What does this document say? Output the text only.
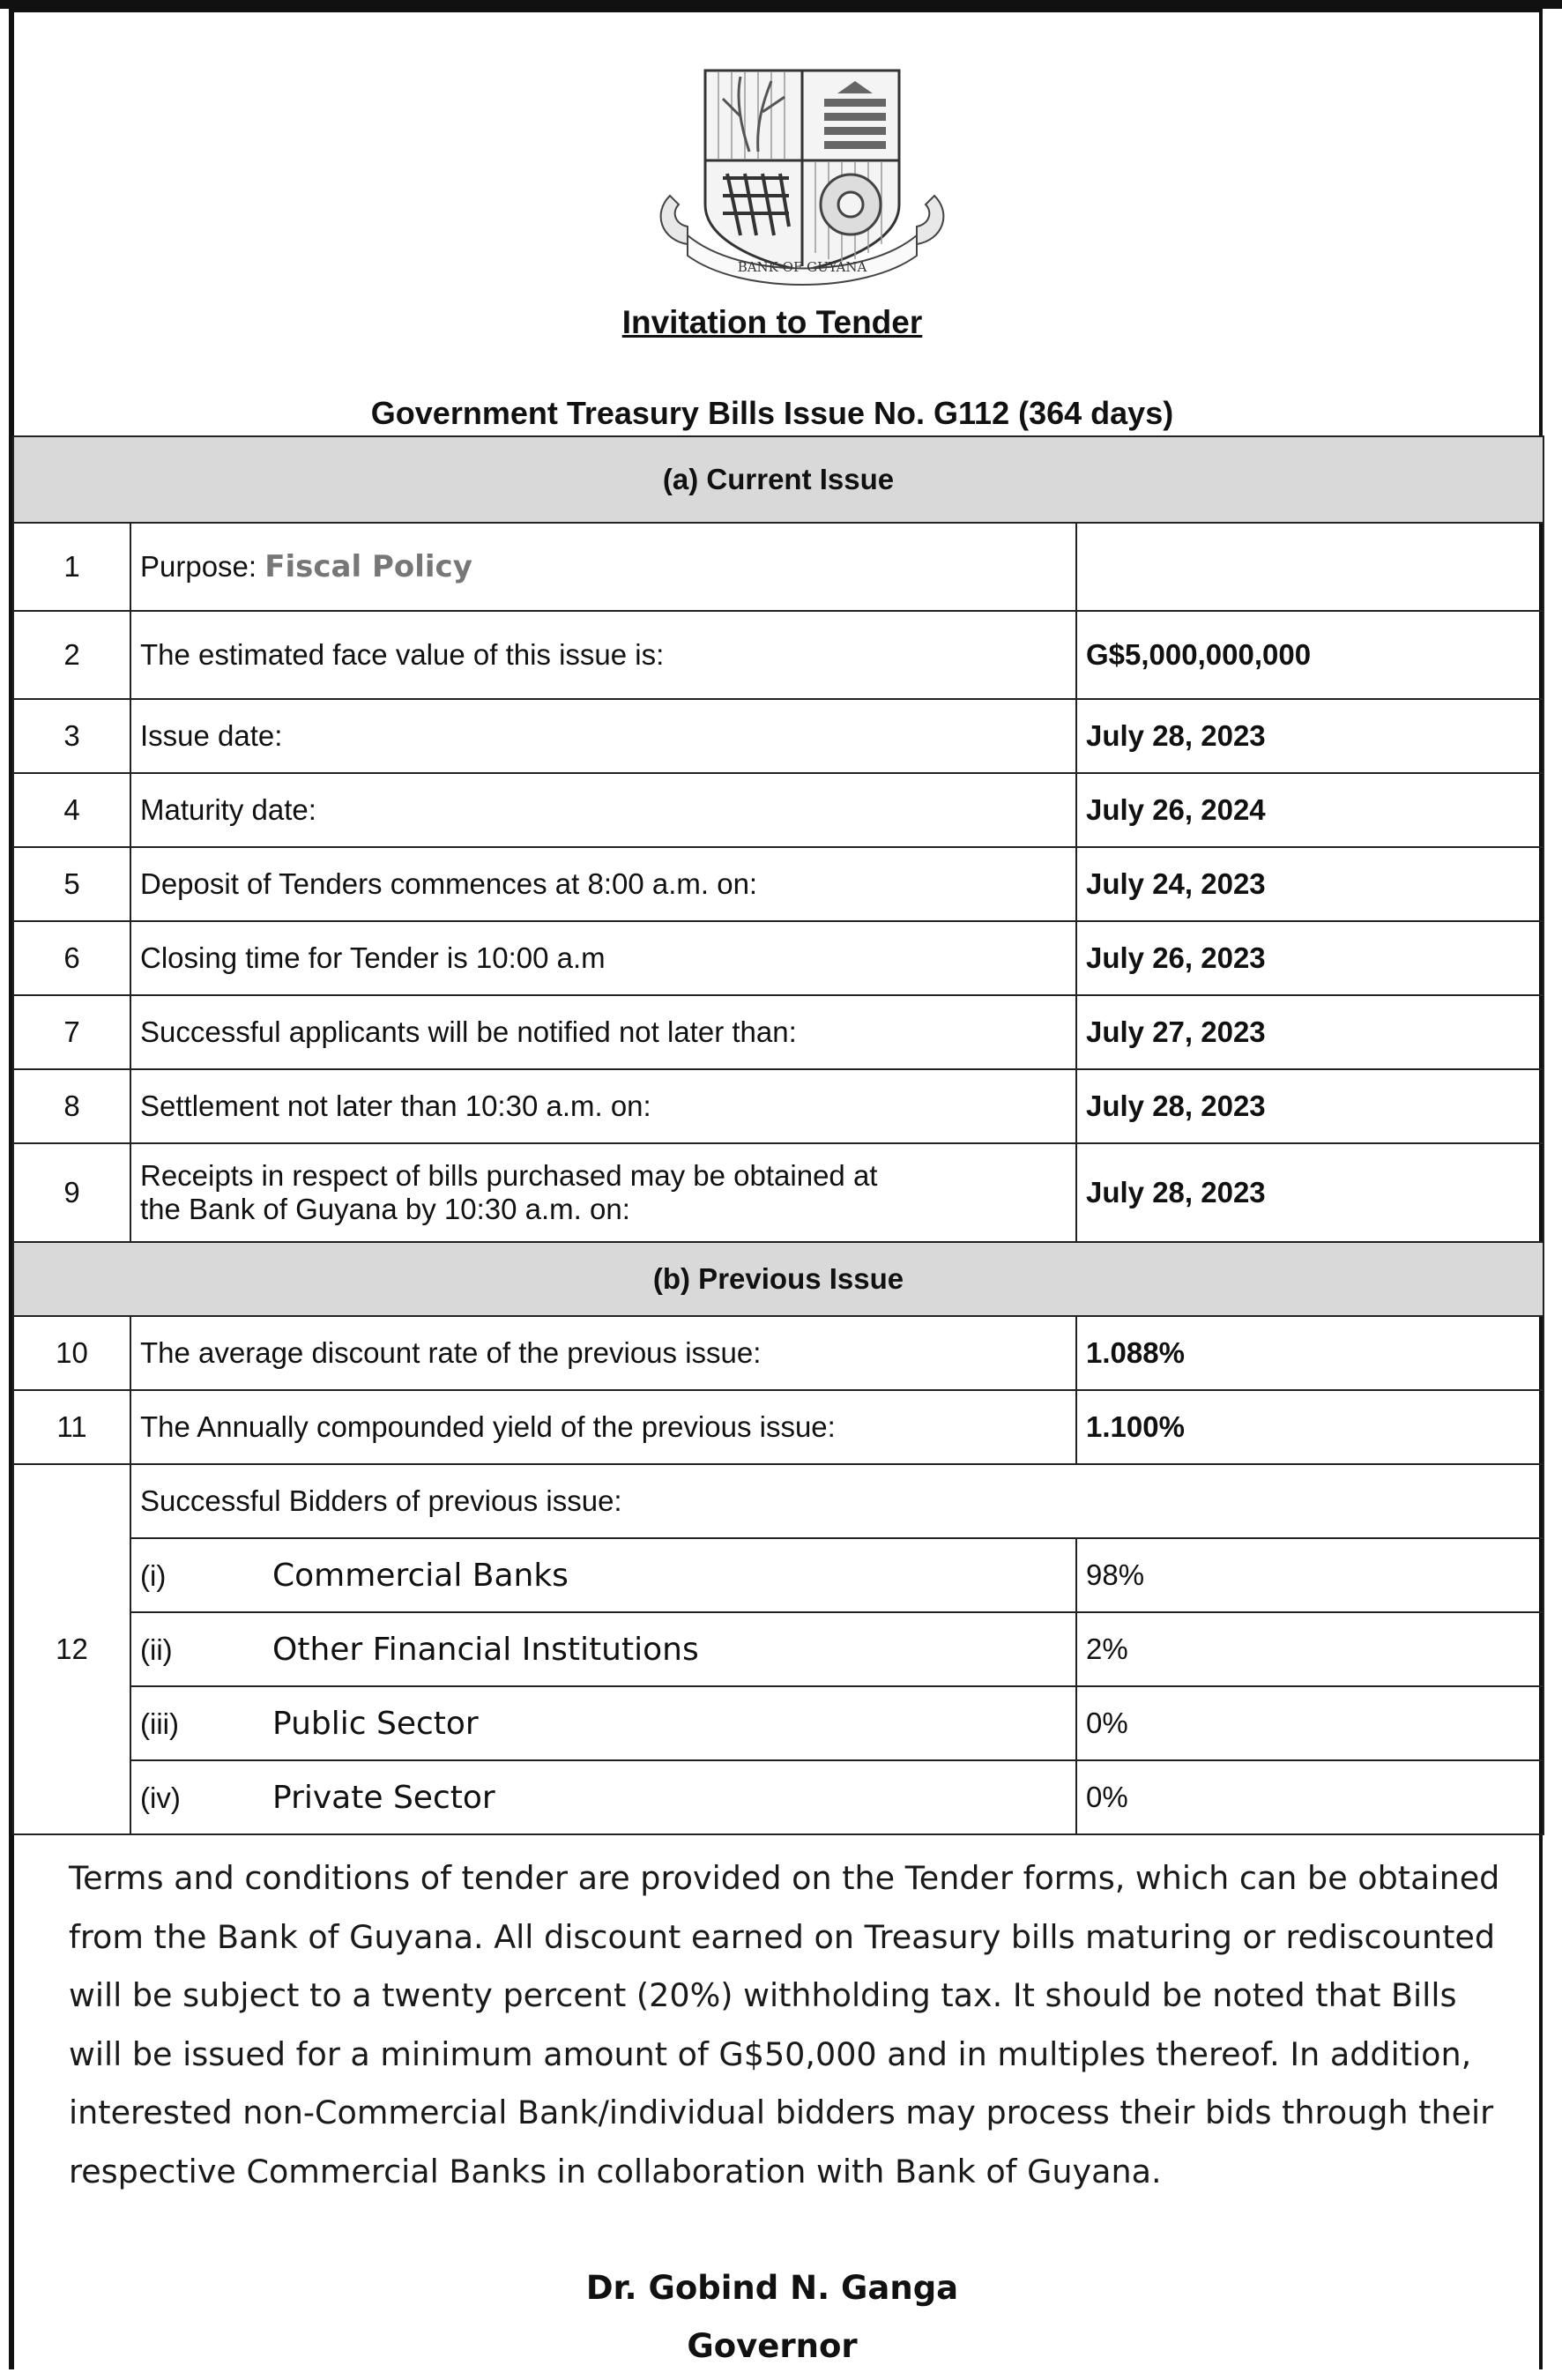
BANK OF GUYANA
Invitation to Tender
Government Treasury Bills Issue No. G112 (364 days)
(a) Current Issue		
1	Purpose: Fiscal Policy	
2	The estimated face value of this issue is:	G$5,000,000,000
3	Issue date:	July 28, 2023
4	Maturity date:	July 26, 2024
5	Deposit of Tenders commences at 8:00 a.m. on:	July 24, 2023
6	Closing time for Tender is 10:00 a.m	July 26, 2023
7	Successful applicants will be notified not later than:	July 27, 2023
8	Settlement not later than 10:30 a.m. on:	July 28, 2023
9	Receipts in respect of bills purchased may be obtained at
the Bank of Guyana by 10:30 a.m. on:	July 28, 2023
(b) Previous Issue		
10	The average discount rate of the previous issue:	1.088%
11	The Annually compounded yield of the previous issue:	1.100%
12	Successful Bidders of previous issue:	
	(i) Commercial Banks	98%
	(ii) Other Financial Institutions	2%
	(iii) Public Sector	0%
	(iv) Private Sector	0%
Terms and conditions of tender are provided on the Tender forms, which can be obtained from the Bank of Guyana. All discount earned on Treasury bills maturing or rediscounted will be subject to a twenty percent (20%) withholding tax. It should be noted that Bills will be issued for a minimum amount of G$50,000 and in multiples thereof. In addition, interested non-Commercial Bank/individual bidders may process their bids through their respective Commercial Banks in collaboration with Bank of Guyana.
Dr. Gobind N. Ganga
Governor
